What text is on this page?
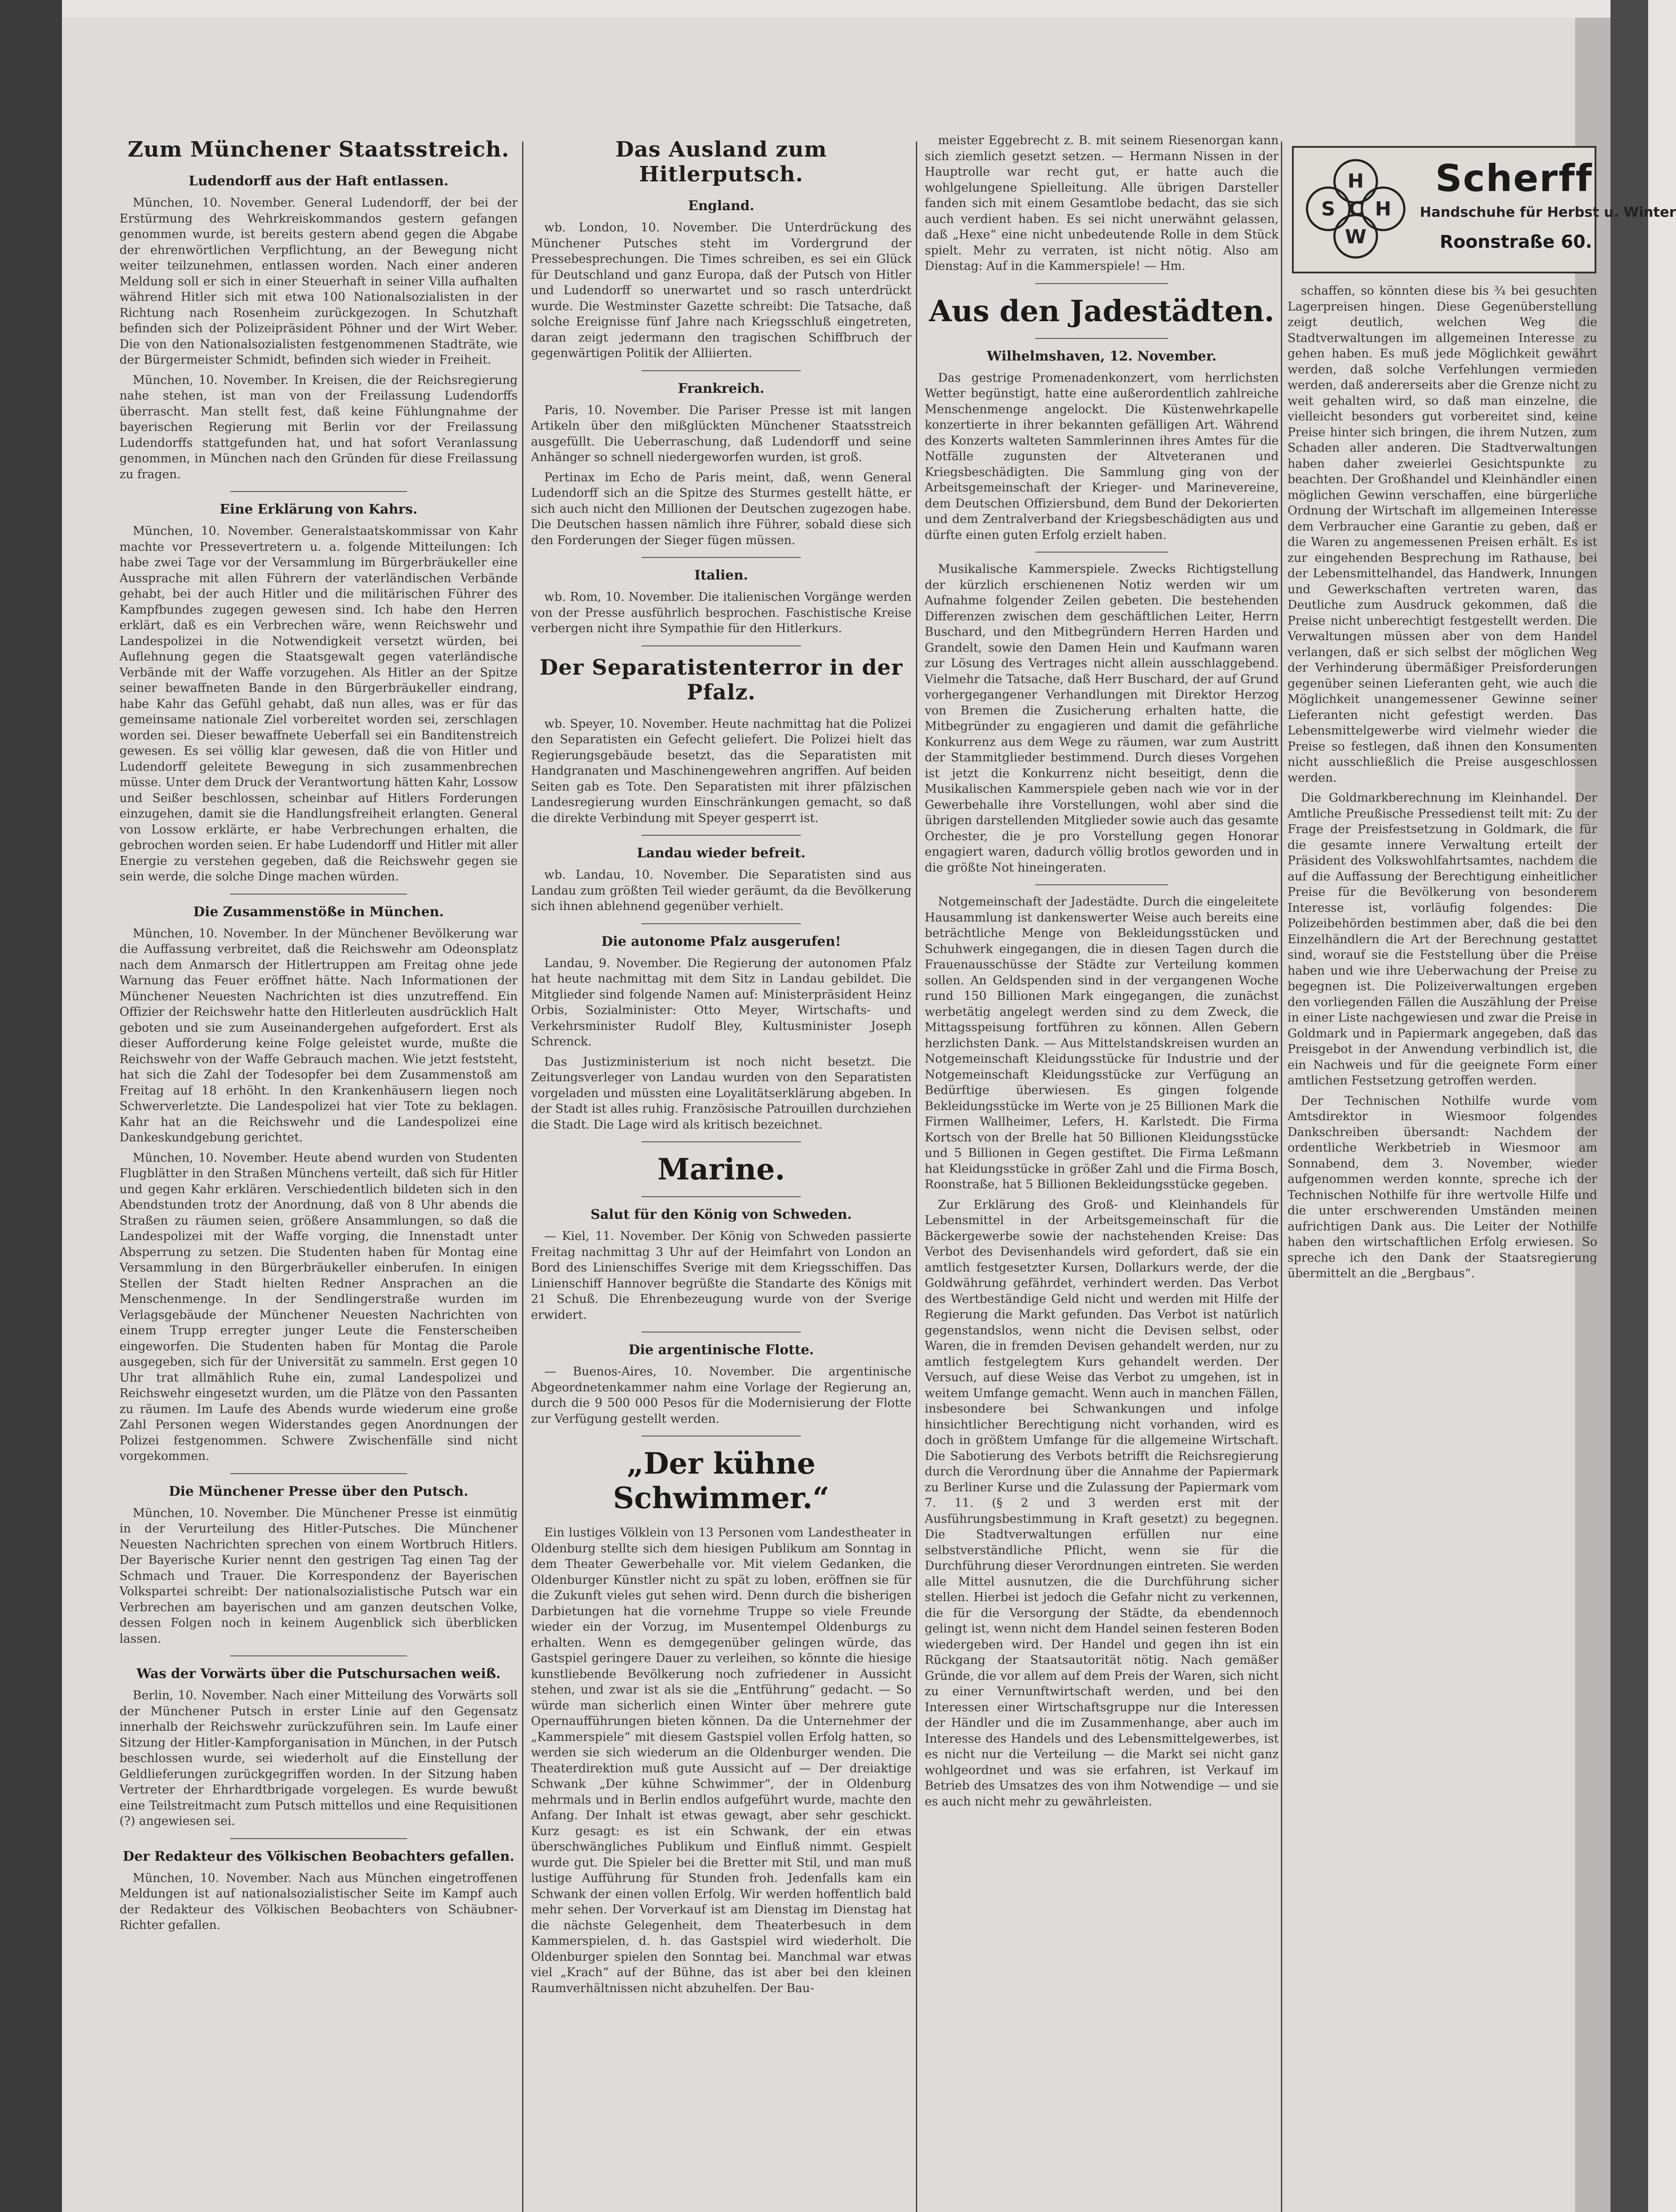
Zum Münchener Staatsstreich.
Ludendorff aus der Haft entlassen.

München, 10. November. General Ludendorff, der bei der Erstürmung des Wehrkreiskommandos gestern gefangen genommen wurde, ist bereits gestern abend gegen die Abgabe der ehrenwörtlichen Verpflichtung, an der Bewegung nicht weiter teilzunehmen, entlassen worden. Nach einer anderen Meldung soll er sich in einer Steuerhaft in seiner Villa aufhalten während Hitler sich mit etwa 100 Nationalsozialisten in der Richtung nach Rosenheim zurückgezogen. In Schutzhaft befinden sich der Polizeipräsident Pöhner und der Wirt Weber. Die von den Nationalsozialisten festgenommenen Stadträte, wie der Bürgermeister Schmidt, befinden sich wieder in Freiheit.

München, 10. November. In Kreisen, die der Reichsregierung nahe stehen, ist man von der Freilassung Ludendorffs überrascht. Man stellt fest, daß keine Fühlungnahme der bayerischen Regierung mit Berlin vor der Freilassung Ludendorffs stattgefunden hat, und hat sofort Veranlassung genommen, in München nach den Gründen für diese Freilassung zu fragen.

Eine Erklärung von Kahrs.

München, 10. November. Generalstaatskommissar von Kahr machte vor Pressevertretern u. a. folgende Mitteilungen: Ich habe zwei Tage vor der Versammlung im Bürgerbräukeller eine Aussprache mit allen Führern der vaterländischen Verbände gehabt, bei der auch Hitler und die militärischen Führer des Kampfbundes zugegen gewesen sind. Ich habe den Herren erklärt, daß es ein Verbrechen wäre, wenn Reichswehr und Landespolizei in die Notwendigkeit versetzt würden, bei Auflehnung gegen die Staatsgewalt gegen vaterländische Verbände mit der Waffe vorzugehen. Als Hitler an der Spitze seiner bewaffneten Bande in den Bürgerbräukeller eindrang, habe Kahr das Gefühl gehabt, daß nun alles, was er für das gemeinsame nationale Ziel vorbereitet worden sei, zerschlagen worden sei. Dieser bewaffnete Ueberfall sei ein Banditenstreich gewesen. Es sei völlig klar gewesen, daß die von Hitler und Ludendorff geleitete Bewegung in sich zusammenbrechen müsse. Unter dem Druck der Verantwortung hätten Kahr, Lossow und Seißer beschlossen, scheinbar auf Hitlers Forderungen einzugehen, damit sie die Handlungsfreiheit erlangten. General von Lossow erklärte, er habe Verbrechungen erhalten, die gebrochen worden seien. Er habe Ludendorff und Hitler mit aller Energie zu verstehen gegeben, daß die Reichswehr gegen sie sein werde, die solche Dinge machen würden.

Die Zusammenstöße in München.

München, 10. November. In der Münchener Bevölkerung war die Auffassung verbreitet, daß die Reichswehr am Odeonsplatz nach dem Anmarsch der Hitlertruppen am Freitag ohne jede Warnung das Feuer eröffnet hätte. Nach Informationen der Münchener Neuesten Nachrichten ist dies unzutreffend. Ein Offizier der Reichswehr hatte den Hitlerleuten ausdrücklich Halt geboten und sie zum Auseinandergehen aufgefordert. Erst als dieser Aufforderung keine Folge geleistet wurde, mußte die Reichswehr von der Waffe Gebrauch machen. Wie jetzt feststeht, hat sich die Zahl der Todesopfer bei dem Zusammenstoß am Freitag auf 18 erhöht. In den Krankenhäusern liegen noch Schwerverletzte. Die Landespolizei hat vier Tote zu beklagen. Kahr hat an die Reichswehr und die Landespolizei eine Dankeskundgebung gerichtet.

München, 10. November. Heute abend wurden von Studenten Flugblätter in den Straßen Münchens verteilt, daß sich für Hitler und gegen Kahr erklären. Verschiedentlich bildeten sich in den Abendstunden trotz der Anordnung, daß von 8 Uhr abends die Straßen zu räumen seien, größere Ansammlungen, so daß die Landespolizei mit der Waffe vorging, die Innenstadt unter Absperrung zu setzen. Die Studenten haben für Montag eine Versammlung in den Bürgerbräukeller einberufen. In einigen Stellen der Stadt hielten Redner Ansprachen an die Menschenmenge. In der Sendlingerstraße wurden im Verlagsgebäude der Münchener Neuesten Nachrichten von einem Trupp erregter junger Leute die Fensterscheiben eingeworfen. Die Studenten haben für Montag die Parole ausgegeben, sich für der Universität zu sammeln. Erst gegen 10 Uhr trat allmählich Ruhe ein, zumal Landespolizei und Reichswehr eingesetzt wurden, um die Plätze von den Passanten zu räumen. Im Laufe des Abends wurde wiederum eine große Zahl Personen wegen Widerstandes gegen Anordnungen der Polizei festgenommen. Schwere Zwischenfälle sind nicht vorgekommen.

Die Münchener Presse über den Putsch.

München, 10. November. Die Münchener Presse ist einmütig in der Verurteilung des Hitler-Putsches. Die Münchener Neuesten Nachrichten sprechen von einem Wortbruch Hitlers. Der Bayerische Kurier nennt den gestrigen Tag einen Tag der Schmach und Trauer. Die Korrespondenz der Bayerischen Volkspartei schreibt: Der nationalsozialistische Putsch war ein Verbrechen am bayerischen und am ganzen deutschen Volke, dessen Folgen noch in keinem Augenblick sich überblicken lassen.

Was der Vorwärts über die Putschursachen weiß.

Berlin, 10. November. Nach einer Mitteilung des Vorwärts soll der Münchener Putsch in erster Linie auf den Gegensatz innerhalb der Reichswehr zurückzuführen sein. Im Laufe einer Sitzung der Hitler-Kampforganisation in München, in der Putsch beschlossen wurde, sei wiederholt auf die Einstellung der Geldlieferungen zurückgegriffen worden. In der Sitzung haben Vertreter der Ehrhardtbrigade vorgelegen. Es wurde bewußt eine Teilstreitmacht zum Putsch mittellos und eine Requisitionen (?) angewiesen sei.

Der Redakteur des Völkischen Beobachters gefallen.

München, 10. November. Nach aus München eingetroffenen Meldungen ist auf nationalsozialistischer Seite im Kampf auch der Redakteur des Völkischen Beobachters von Schäubner-Richter gefallen.

Das Ausland zum Hitlerputsch.
England.

wb. London, 10. November. Die Unterdrückung des Münchener Putsches steht im Vordergrund der Pressebesprechungen. Die Times schreiben, es sei ein Glück für Deutschland und ganz Europa, daß der Putsch von Hitler und Ludendorff so unerwartet und so rasch unterdrückt wurde. Die Westminster Gazette schreibt: Die Tatsache, daß solche Ereignisse fünf Jahre nach Kriegsschluß eingetreten, daran zeigt jedermann den tragischen Schiffbruch der gegenwärtigen Politik der Alliierten.

Frankreich.

Paris, 10. November. Die Pariser Presse ist mit langen Artikeln über den mißglückten Münchener Staatsstreich ausgefüllt. Die Ueberraschung, daß Ludendorff und seine Anhänger so schnell niedergeworfen wurden, ist groß.

Pertinax im Echo de Paris meint, daß, wenn General Ludendorff sich an die Spitze des Sturmes gestellt hätte, er sich auch nicht den Millionen der Deutschen zugezogen habe. Die Deutschen hassen nämlich ihre Führer, sobald diese sich den Forderungen der Sieger fügen müssen.

Italien.

wb. Rom, 10. November. Die italienischen Vorgänge werden von der Presse ausführlich besprochen. Faschistische Kreise verbergen nicht ihre Sympathie für den Hitlerkurs.

Der Separatistenterror in der Pfalz.

wb. Speyer, 10. November. Heute nachmittag hat die Polizei den Separatisten ein Gefecht geliefert. Die Polizei hielt das Regierungsgebäude besetzt, das die Separatisten mit Handgranaten und Maschinengewehren angriffen. Auf beiden Seiten gab es Tote. Den Separatisten mit ihrer pfälzischen Landesregierung wurden Einschränkungen gemacht, so daß die direkte Verbindung mit Speyer gesperrt ist.

Landau wieder befreit.

wb. Landau, 10. November. Die Separatisten sind aus Landau zum größten Teil wieder geräumt, da die Bevölkerung sich ihnen ablehnend gegenüber verhielt.

Die autonome Pfalz ausgerufen!

Landau, 9. November. Die Regierung der autonomen Pfalz hat heute nachmittag mit dem Sitz in Landau gebildet. Die Mitglieder sind folgende Namen auf: Ministerpräsident Heinz Orbis, Sozialminister: Otto Meyer, Wirtschafts- und Verkehrsminister Rudolf Bley, Kultusminister Joseph Schrenck.

Das Justizministerium ist noch nicht besetzt. Die Zeitungsverleger von Landau wurden von den Separatisten vorgeladen und müssten eine Loyalitätserklärung abgeben. In der Stadt ist alles ruhig. Französische Patrouillen durchziehen die Stadt. Die Lage wird als kritisch bezeichnet.

Marine.
Salut für den König von Schweden.

— Kiel, 11. November. Der König von Schweden passierte Freitag nachmittag 3 Uhr auf der Heimfahrt von London an Bord des Linienschiffes Sverige mit dem Kriegsschiffen. Das Linienschiff Hannover begrüßte die Standarte des Königs mit 21 Schuß. Die Ehrenbezeugung wurde von der Sverige erwidert.

Die argentinische Flotte.

— Buenos-Aires, 10. November. Die argentinische Abgeordnetenkammer nahm eine Vorlage der Regierung an, durch die 9 500 000 Pesos für die Modernisierung der Flotte zur Verfügung gestellt werden.

„Der kühne Schwimmer.“

Ein lustiges Völklein von 13 Personen vom Landestheater in Oldenburg stellte sich dem hiesigen Publikum am Sonntag in dem Theater Gewerbehalle vor. Mit vielem Gedanken, die Oldenburger Künstler nicht zu spät zu loben, eröffnen sie für die Zukunft vieles gut sehen wird. Denn durch die bisherigen Darbietungen hat die vornehme Truppe so viele Freunde wieder ein der Vorzug, im Musentempel Oldenburgs zu erhalten. Wenn es demgegenüber gelingen würde, das Gastspiel geringere Dauer zu verleihen, so könnte die hiesige kunstliebende Bevölkerung noch zufriedener in Aussicht stehen, und zwar ist als sie die „Entführung“ gedacht. — So würde man sicherlich einen Winter über mehrere gute Opernaufführungen bieten können. Da die Unternehmer der „Kammerspiele“ mit diesem Gastspiel vollen Erfolg hatten, so werden sie sich wiederum an die Oldenburger wenden. Die Theaterdirektion muß gute Aussicht auf — Der dreiaktige Schwank „Der kühne Schwimmer“, der in Oldenburg mehrmals und in Berlin endlos aufgeführt wurde, machte den Anfang. Der Inhalt ist etwas gewagt, aber sehr geschickt. Kurz gesagt: es ist ein Schwank, der ein etwas überschwängliches Publikum und Einfluß nimmt. Gespielt wurde gut. Die Spieler bei die Bretter mit Stil, und man muß lustige Aufführung für Stunden froh. Jedenfalls kam ein Schwank der einen vollen Erfolg. Wir werden hoffentlich bald mehr sehen. Der Vorverkauf ist am Dienstag im Dienstag hat die nächste Gelegenheit, dem Theaterbesuch in dem Kammerspielen, d. h. das Gastspiel wird wiederholt. Die Oldenburger spielen den Sonntag bei. Manchmal war etwas viel „Krach“ auf der Bühne, das ist aber bei den kleinen Raumverhältnissen nicht abzuhelfen. Der Bau-

meister Eggebrecht z. B. mit seinem Riesenorgan kann sich ziemlich gesetzt setzen. — Hermann Nissen in der Hauptrolle war recht gut, er hatte auch die wohlgelungene Spielleitung. Alle übrigen Darsteller fanden sich mit einem Gesamtlobe bedacht, das sie sich auch verdient haben. Es sei nicht unerwähnt gelassen, daß „Hexe“ eine nicht unbedeutende Rolle in dem Stück spielt. Mehr zu verraten, ist nicht nötig. Also am Dienstag: Auf in die Kammerspiele! — Hm.

Aus den Jadestädten.
Wilhelmshaven, 12. November.

Das gestrige Promenadenkonzert, vom herrlichsten Wetter begünstigt, hatte eine außerordentlich zahlreiche Menschenmenge angelockt. Die Küstenwehrkapelle konzertierte in ihrer bekannten gefälligen Art. Während des Konzerts walteten Sammlerinnen ihres Amtes für die Notfälle zugunsten der Altveteranen und Kriegsbeschädigten. Die Sammlung ging von der Arbeitsgemeinschaft der Krieger- und Marinevereine, dem Deutschen Offiziersbund, dem Bund der Dekorierten und dem Zentralverband der Kriegsbeschädigten aus und dürfte einen guten Erfolg erzielt haben.

Musikalische Kammerspiele. Zwecks Richtigstellung der kürzlich erschienenen Notiz werden wir um Aufnahme folgender Zeilen gebeten. Die bestehenden Differenzen zwischen dem geschäftlichen Leiter, Herrn Buschard, und den Mitbegründern Herren Harden und Grandelt, sowie den Damen Hein und Kaufmann waren zur Lösung des Vertrages nicht allein ausschlaggebend. Vielmehr die Tatsache, daß Herr Buschard, der auf Grund vorhergegangener Verhandlungen mit Direktor Herzog von Bremen die Zusicherung erhalten hatte, die Mitbegründer zu engagieren und damit die gefährliche Konkurrenz aus dem Wege zu räumen, war zum Austritt der Stammitglieder bestimmend. Durch dieses Vorgehen ist jetzt die Konkurrenz nicht beseitigt, denn die Musikalischen Kammerspiele geben nach wie vor in der Gewerbehalle ihre Vorstellungen, wohl aber sind die übrigen darstellenden Mitglieder sowie auch das gesamte Orchester, die je pro Vorstellung gegen Honorar engagiert waren, dadurch völlig brotlos geworden und in die größte Not hineingeraten.

Notgemeinschaft der Jadestädte. Durch die eingeleitete Hausammlung ist dankenswerter Weise auch bereits eine beträchtliche Menge von Bekleidungsstücken und Schuhwerk eingegangen, die in diesen Tagen durch die Frauenausschüsse der Städte zur Verteilung kommen sollen. An Geldspenden sind in der vergangenen Woche rund 150 Billionen Mark eingegangen, die zunächst werbetätig angelegt werden sind zu dem Zweck, die Mittagsspeisung fortführen zu können. Allen Gebern herzlichsten Dank. — Aus Mittelstandskreisen wurden an Notgemeinschaft Kleidungsstücke für Industrie und der Notgemeinschaft Kleidungsstücke zur Verfügung an Bedürftige überwiesen. Es gingen folgende Bekleidungsstücke im Werte von je 25 Billionen Mark die Firmen Wallheimer, Lefers, H. Karlstedt. Die Firma Kortsch von der Brelle hat 50 Billionen Kleidungsstücke und 5 Billionen in Gegen gestiftet. Die Firma Leßmann hat Kleidungsstücke in größer Zahl und die Firma Bosch, Roonstraße, hat 5 Billionen Bekleidungsstücke gegeben.

Zur Erklärung des Groß- und Kleinhandels für Lebensmittel in der Arbeitsgemeinschaft für die Bäckergewerbe sowie der nachstehenden Kreise: Das Verbot des Devisenhandels wird gefordert, daß sie ein amtlich festgesetzter Kursen, Dollarkurs werde, der die Goldwährung gefährdet, verhindert werden. Das Verbot des Wertbeständige Geld nicht und werden mit Hilfe der Regierung die Markt gefunden. Das Verbot ist natürlich gegenstandslos, wenn nicht die Devisen selbst, oder Waren, die in fremden Devisen gehandelt werden, nur zu amtlich festgelegtem Kurs gehandelt werden. Der Versuch, auf diese Weise das Verbot zu umgehen, ist in weitem Umfange gemacht. Wenn auch in manchen Fällen, insbesondere bei Schwankungen und infolge hinsichtlicher Berechtigung nicht vorhanden, wird es doch in größtem Umfange für die allgemeine Wirtschaft. Die Sabotierung des Verbots betrifft die Reichsregierung durch die Verordnung über die Annahme der Papiermark zu Berliner Kurse und die Zulassung der Papiermark vom 7. 11. (§ 2 und 3 werden erst mit der Ausführungsbestimmung in Kraft gesetzt) zu begegnen. Die Stadtverwaltungen erfüllen nur eine selbstverständliche Pflicht, wenn sie für die Durchführung dieser Verordnungen eintreten. Sie werden alle Mittel ausnutzen, die die Durchführung sicher stellen. Hierbei ist jedoch die Gefahr nicht zu verkennen, die für die Versorgung der Städte, da ebendennoch gelingt ist, wenn nicht dem Handel seinen festeren Boden wiedergeben wird. Der Handel und gegen ihn ist ein Rückgang der Staatsautorität nötig. Nach gemäßer Gründe, die vor allem auf dem Preis der Waren, sich nicht zu einer Vernunftwirtschaft werden, und bei den Interessen einer Wirtschaftsgruppe nur die Interessen der Händler und die im Zusammenhange, aber auch im Interesse des Handels und des Lebensmittelgewerbes, ist es nicht nur die Verteilung — die Markt sei nicht ganz wohlgeordnet und was sie erfahren, ist Verkauf im Betrieb des Umsatzes des von ihm Notwendige — und sie es auch nicht mehr zu gewährleisten.

H
S C H
W
Scherff
Handschuhe für Herbst u. Winter
Roonstraße 60.

schaffen, so könnten diese bis ¾ bei gesuchten Lagerpreisen hingen. Diese Gegenüberstellung zeigt deutlich, welchen Weg die Stadtverwaltungen im allgemeinen Interesse zu gehen haben. Es muß jede Möglichkeit gewährt werden, daß solche Verfehlungen vermieden werden, daß andererseits aber die Grenze nicht zu weit gehalten wird, so daß man einzelne, die vielleicht besonders gut vorbereitet sind, keine Preise hinter sich bringen, die ihrem Nutzen, zum Schaden aller anderen. Die Stadtverwaltungen haben daher zweierlei Gesichtspunkte zu beachten. Der Großhandel und Kleinhändler einen möglichen Gewinn verschaffen, eine bürgerliche Ordnung der Wirtschaft im allgemeinen Interesse dem Verbraucher eine Garantie zu geben, daß er die Waren zu angemessenen Preisen erhält. Es ist zur eingehenden Besprechung im Rathause, bei der Lebensmittelhandel, das Handwerk, Innungen und Gewerkschaften vertreten waren, das Deutliche zum Ausdruck gekommen, daß die Preise nicht unberechtigt festgestellt werden. Die Verwaltungen müssen aber von dem Handel verlangen, daß er sich selbst der möglichen Weg der Verhinderung übermäßiger Preisforderungen gegenüber seinen Lieferanten geht, wie auch die Möglichkeit unangemessener Gewinne seiner Lieferanten nicht gefestigt werden. Das Lebensmittelgewerbe wird vielmehr wieder die Preise so festlegen, daß ihnen den Konsumenten nicht ausschließlich die Preise ausgeschlossen werden.

Die Goldmarkberechnung im Kleinhandel. Der Amtliche Preußische Pressedienst teilt mit: Zu der Frage der Preisfestsetzung in Goldmark, die für die gesamte innere Verwaltung erteilt der Präsident des Volkswohlfahrtsamtes, nachdem die auf die Auffassung der Berechtigung einheitlicher Preise für die Bevölkerung von besonderem Interesse ist, vorläufig folgendes: Die Polizeibehörden bestimmen aber, daß die bei den Einzelhändlern die Art der Berechnung gestattet sind, worauf sie die Feststellung über die Preise haben und wie ihre Ueberwachung der Preise zu begegnen ist. Die Polizeiverwaltungen ergeben den vorliegenden Fällen die Auszählung der Preise in einer Liste nachgewiesen und zwar die Preise in Goldmark und in Papiermark angegeben, daß das Preisgebot in der Anwendung verbindlich ist, die ein Nachweis und für die geeignete Form einer amtlichen Festsetzung getroffen werden.

Der Technischen Nothilfe wurde vom Amtsdirektor in Wiesmoor folgendes Dankschreiben übersandt: Nachdem der ordentliche Werkbetrieb in Wiesmoor am Sonnabend, dem 3. November, wieder aufgenommen werden konnte, spreche ich der Technischen Nothilfe für ihre wertvolle Hilfe und die unter erschwerenden Umständen meinen aufrichtigen Dank aus. Die Leiter der Nothilfe haben den wirtschaftlichen Erfolg erwiesen. So spreche ich den Dank der Staatsregierung übermittelt an die „Bergbaus“.
